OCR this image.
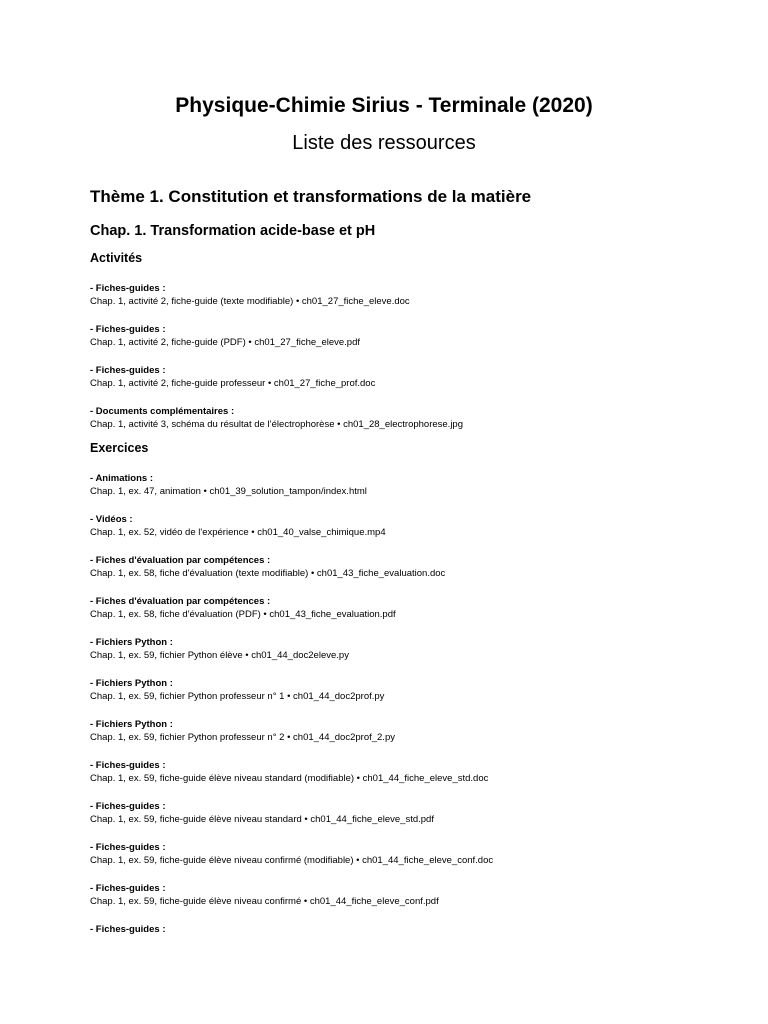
Physique-Chimie Sirius - Terminale (2020)
Liste des ressources
Thème 1. Constitution et transformations de la matière
Chap. 1. Transformation acide-base et pH
Activités
- Fiches-guides :
Chap. 1, activité 2, fiche-guide (texte modifiable) • ch01_27_fiche_eleve.doc
- Fiches-guides :
Chap. 1, activité 2, fiche-guide (PDF) • ch01_27_fiche_eleve.pdf
- Fiches-guides :
Chap. 1, activité 2, fiche-guide professeur • ch01_27_fiche_prof.doc
- Documents complémentaires :
Chap. 1, activité 3, schéma du résultat de l’électrophorèse • ch01_28_electrophorese.jpg
Exercices
- Animations :
Chap. 1, ex. 47, animation • ch01_39_solution_tampon/index.html
- Vidéos :
Chap. 1, ex. 52, vidéo de l'expérience • ch01_40_valse_chimique.mp4
- Fiches d'évaluation par compétences :
Chap. 1, ex. 58, fiche d'évaluation (texte modifiable) • ch01_43_fiche_evaluation.doc
- Fiches d'évaluation par compétences :
Chap. 1, ex. 58, fiche d'évaluation (PDF) • ch01_43_fiche_evaluation.pdf
- Fichiers Python :
Chap. 1, ex. 59, fichier Python élève • ch01_44_doc2eleve.py
- Fichiers Python :
Chap. 1, ex. 59, fichier Python professeur n° 1 • ch01_44_doc2prof.py
- Fichiers Python :
Chap. 1, ex. 59, fichier Python professeur n° 2 • ch01_44_doc2prof_2.py
- Fiches-guides :
Chap. 1, ex. 59, fiche-guide élève niveau standard (modifiable) • ch01_44_fiche_eleve_std.doc
- Fiches-guides :
Chap. 1, ex. 59, fiche-guide élève niveau standard • ch01_44_fiche_eleve_std.pdf
- Fiches-guides :
Chap. 1, ex. 59, fiche-guide élève niveau confirmé (modifiable) • ch01_44_fiche_eleve_conf.doc
- Fiches-guides :
Chap. 1, ex. 59, fiche-guide élève niveau confirmé • ch01_44_fiche_eleve_conf.pdf
- Fiches-guides :
